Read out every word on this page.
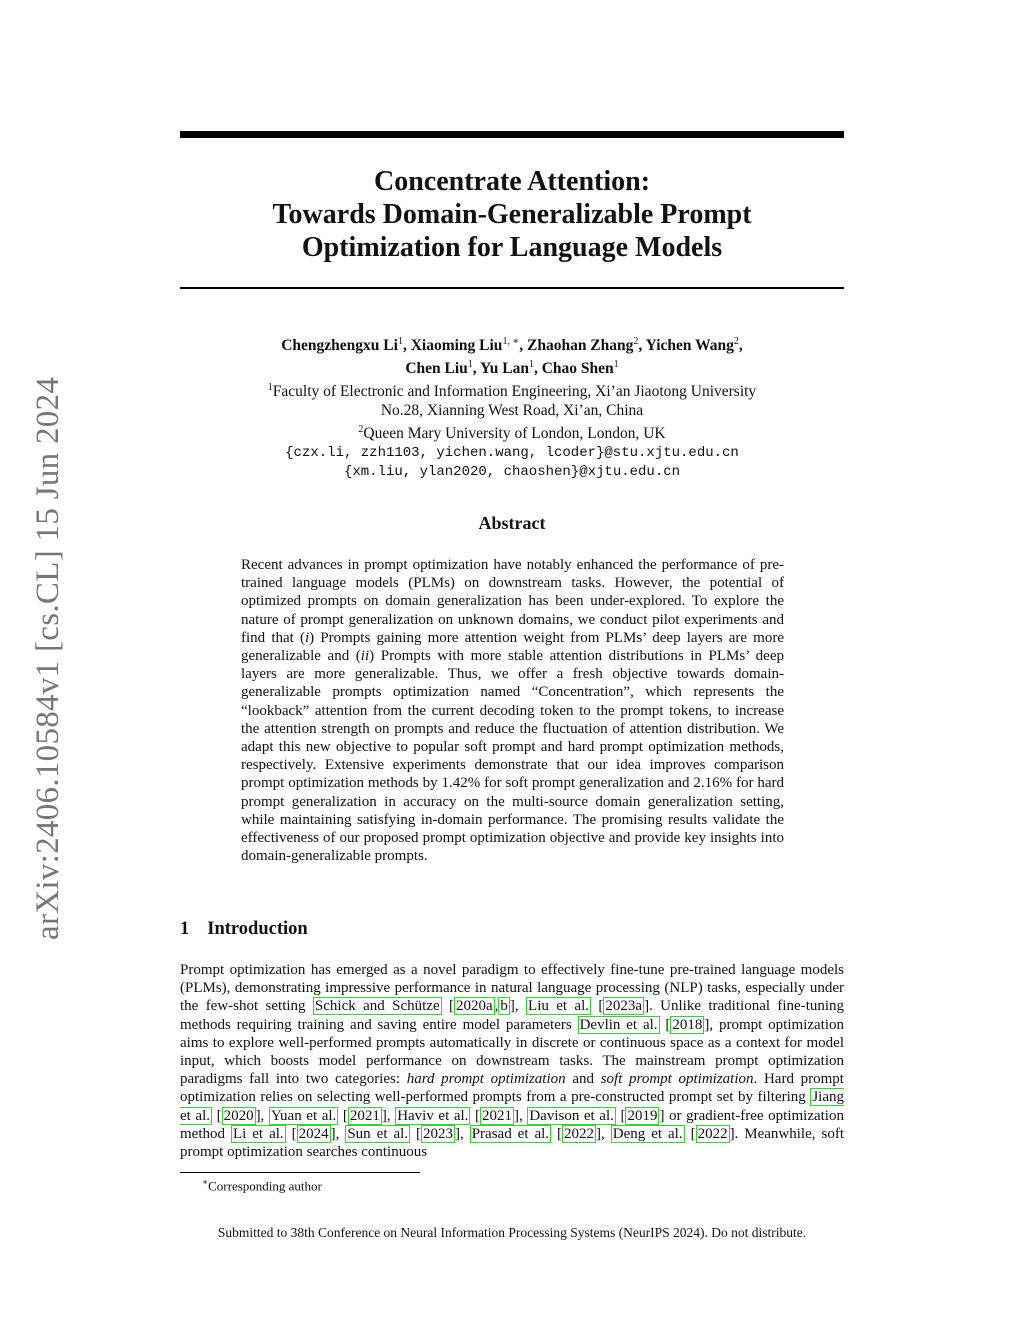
arXiv:2406.10584v1 [cs.CL] 15 Jun 2024
Concentrate Attention:
Towards Domain-Generalizable Prompt
Optimization for Language Models
Chengzhengxu Li$^1$, Xiaoming Liu$^{1, ∗}$, Zhaohan Zhang$^2$, Yichen Wang$^2$,
Chen Liu$^1$, Yu Lan$^1$, Chao Shen$^1$
$^1$Faculty of Electronic and Information Engineering, Xi’an Jiaotong University
No.28, Xianning West Road, Xi’an, China
$^2$Queen Mary University of London, London, UK
{czx.li, zzh1103, yichen.wang, lcoder}@stu.xjtu.edu.cn
{xm.liu, ylan2020, chaoshen}@xjtu.edu.cn
Abstract
Recent advances in prompt optimization have notably enhanced the performance of pre-trained language models (PLMs) on downstream tasks. However, the potential of optimized prompts on domain generalization has been under-explored. To explore the nature of prompt generalization on unknown domains, we conduct pilot experiments and find that (i) Prompts gaining more attention weight from PLMs’ deep layers are more generalizable and (ii) Prompts with more stable attention distributions in PLMs’ deep layers are more generalizable. Thus, we offer a fresh objective towards domain-generalizable prompts optimization named “Concentration”, which represents the “lookback” attention from the current decoding token to the prompt tokens, to increase the attention strength on prompts and reduce the fluctuation of attention distribution. We adapt this new objective to popular soft prompt and hard prompt optimization methods, respectively. Extensive experiments demonstrate that our idea improves comparison prompt optimization methods by 1.42% for soft prompt generalization and 2.16% for hard prompt generalization in accuracy on the multi-source domain generalization setting, while maintaining satisfying in-domain performance. The promising results validate the effectiveness of our proposed prompt optimization objective and provide key insights into domain-generalizable prompts.
1 Introduction
Prompt optimization has emerged as a novel paradigm to effectively fine-tune pre-trained language models (PLMs), demonstrating impressive performance in natural language processing (NLP) tasks, especially under the few-shot setting Schick and Schütze [ 2020a , b ], Liu et al. [ 2023a ]. Unlike traditional fine-tuning methods requiring training and saving entire model parameters Devlin et al. [ 2018 ], prompt optimization aims to explore well-performed prompts automatically in discrete or continuous space as a context for model input, which boosts model performance on downstream tasks. The mainstream prompt optimization paradigms fall into two categories: hard prompt optimization and soft prompt optimization. Hard prompt optimization relies on selecting well-performed prompts from a pre-constructed prompt set by filtering Jiang et al. [ 2020 ], Yuan et al. [ 2021 ], Haviv et al. [ 2021 ], Davison et al. [ 2019 ] or gradient-free optimization method Li et al. [ 2024 ], Sun et al. [ 2023 ], Prasad et al. [ 2022 ], Deng et al. [ 2022 ]. Meanwhile, soft prompt optimization searches continuous
∗Corresponding author
Submitted to 38th Conference on Neural Information Processing Systems (NeurIPS 2024). Do not distribute.
